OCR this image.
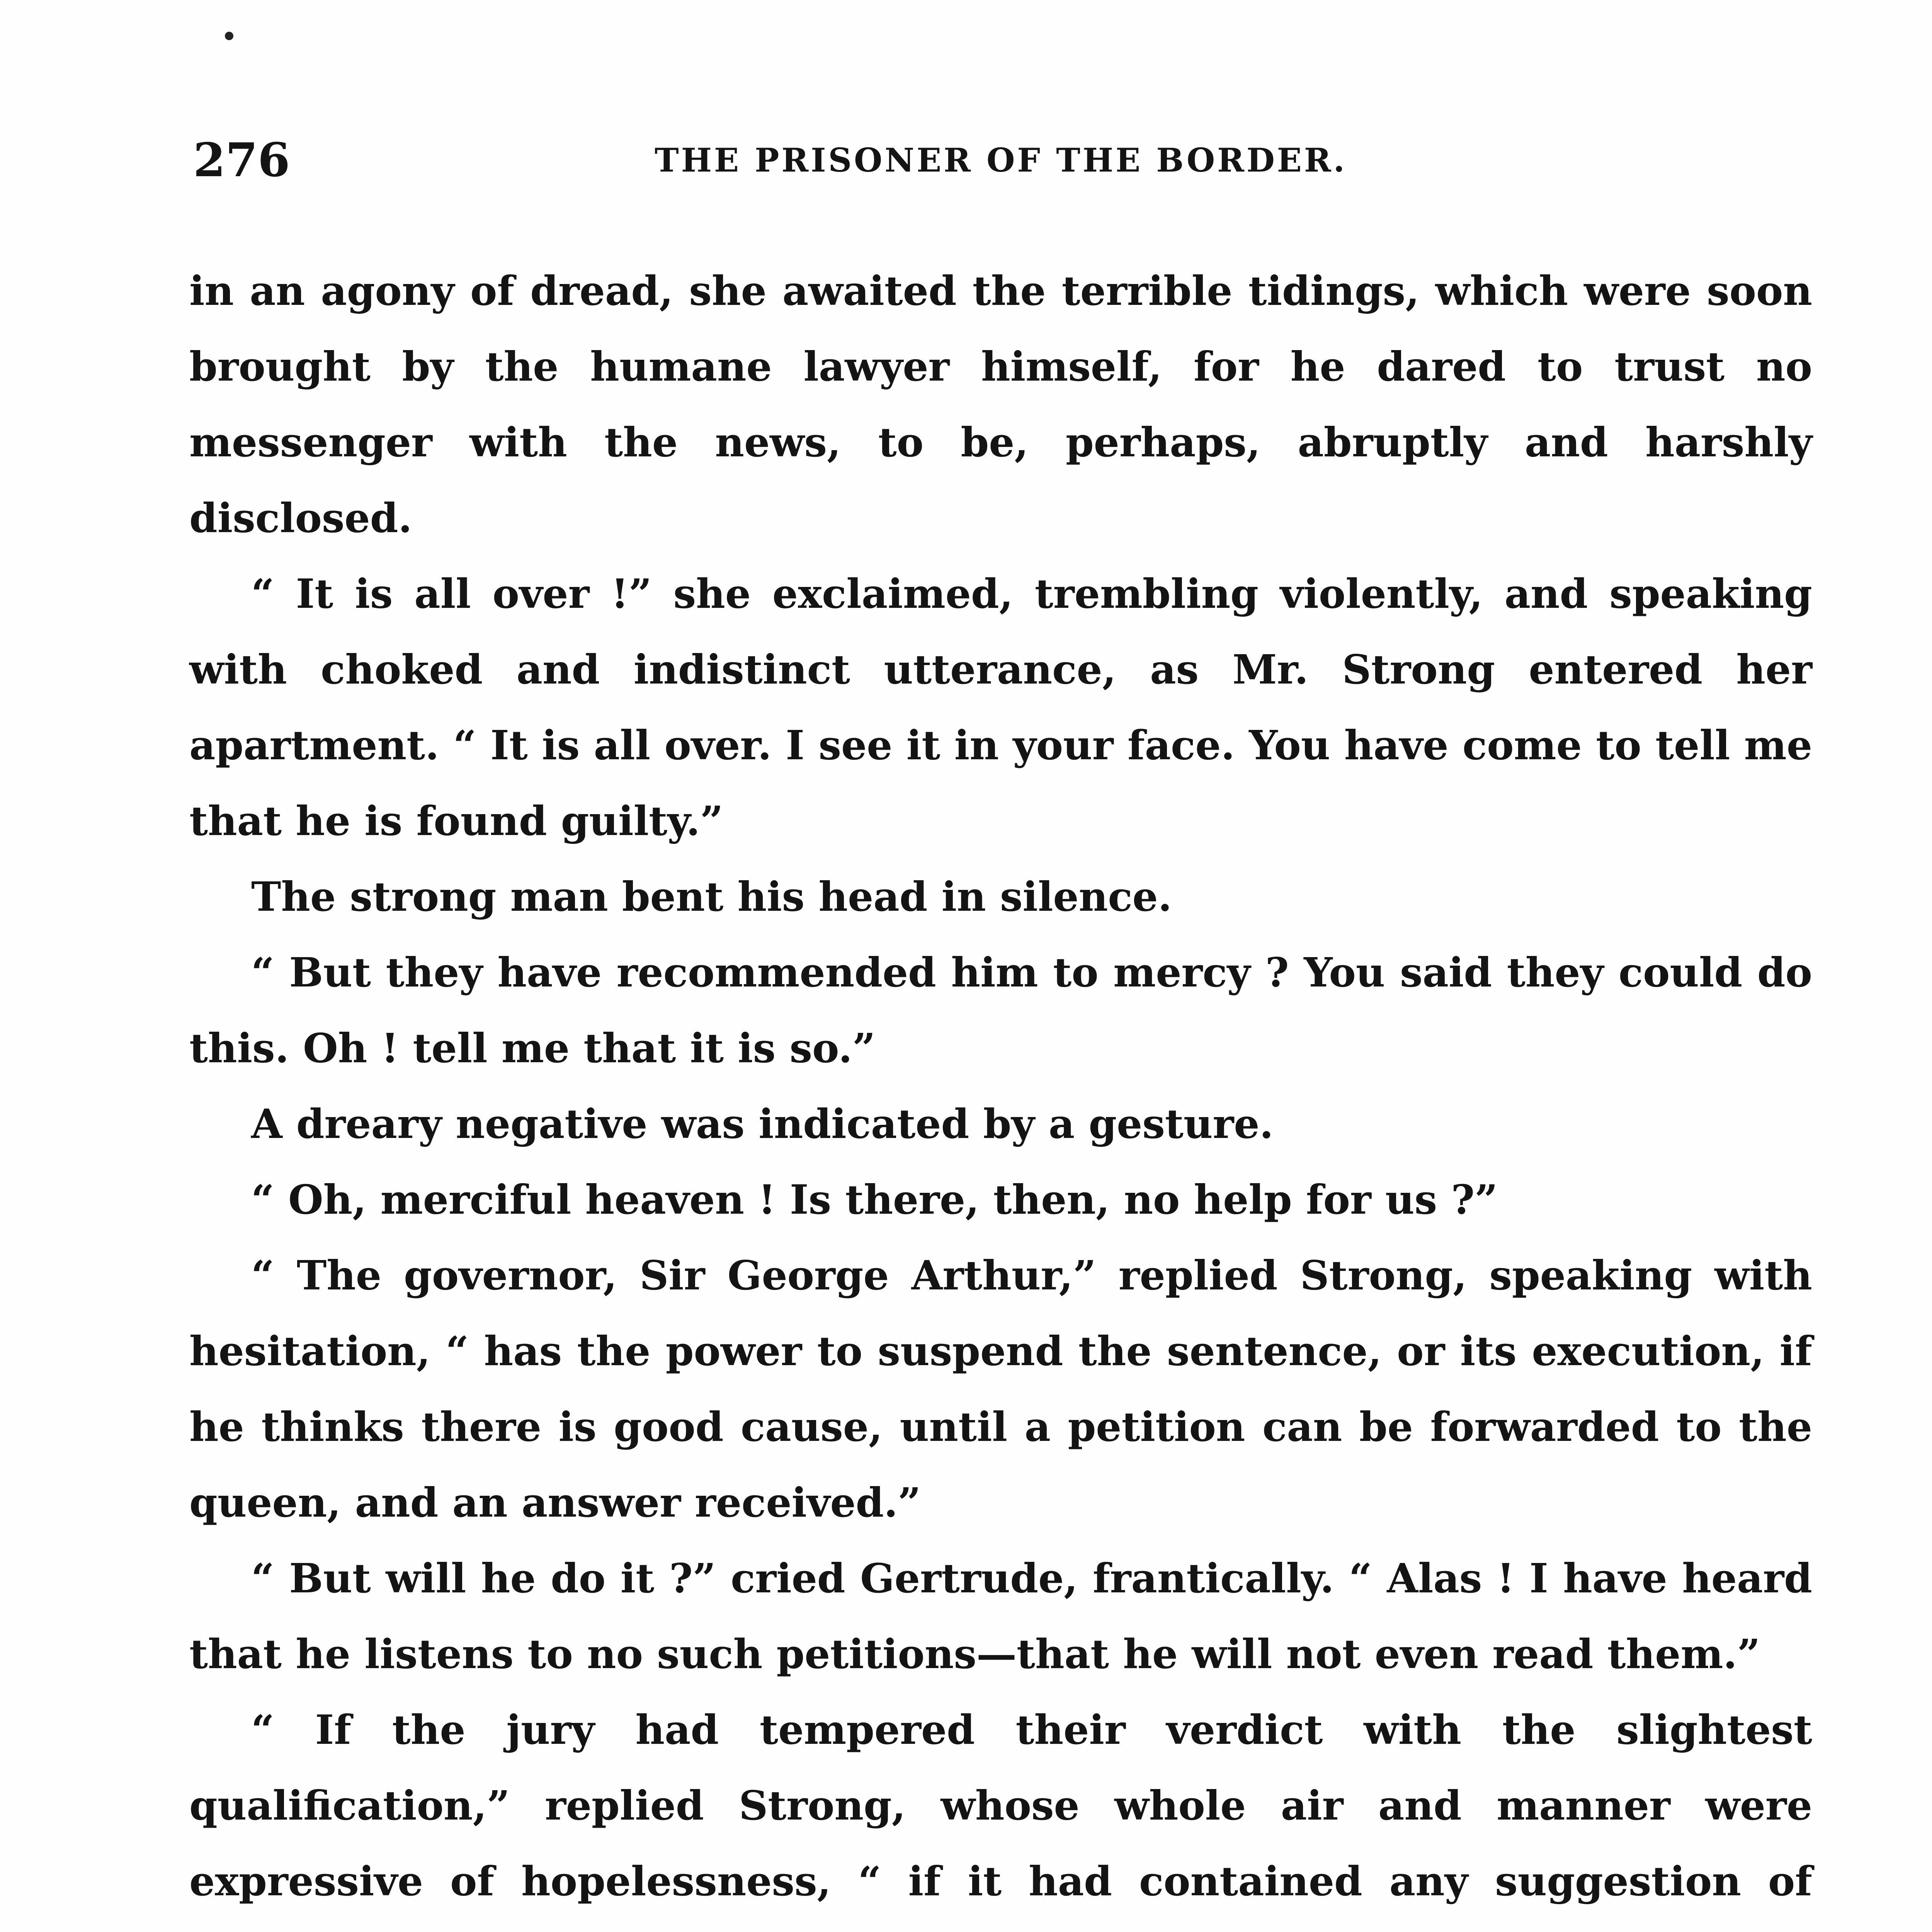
276	THE PRISONER OF THE BORDER.

in an agony of dread, she awaited the terrible tidings, which were soon brought by the humane lawyer himself, for he dared to trust no messenger with the news, to be, perhaps, abruptly and harshly disclosed.

“ It is all over !” she exclaimed, trembling violently, and speaking with choked and indistinct utterance, as Mr. Strong entered her apartment. “ It is all over. I see it in your face. You have come to tell me that he is found guilty.”

The strong man bent his head in silence.

“ But they have recommended him to mercy ? You said they could do this. Oh ! tell me that it is so.”

A dreary negative was indicated by a gesture.

“ Oh, merciful heaven ! Is there, then, no help for us ?”

“ The governor, Sir George Arthur,” replied Strong, speaking with hesitation, “ has the power to suspend the sentence, or its execution, if he thinks there is good cause, until a petition can be forwarded to the queen, and an answer received.”

“ But will he do it ?” cried Gertrude, frantically. “ Alas ! I have heard that he listens to no such petitions—that he will not even read them.”

“ If the jury had tempered their verdict with the slightest qualification,” replied Strong, whose whole air and manner were expressive of hopelessness, “ if it had contained any suggestion of
